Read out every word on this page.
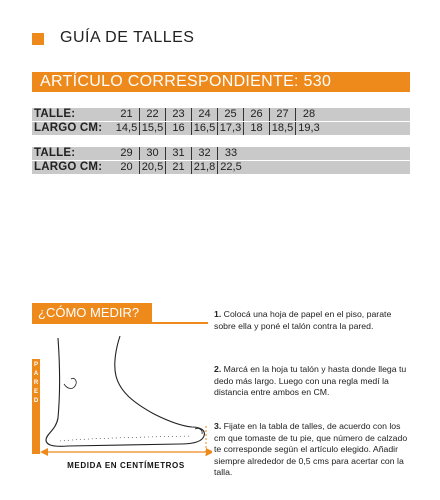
GUÍA DE TALLES
ARTÍCULO CORRESPONDIENTE: 530
TALLE:	21	22	23	24	25	26	27	28
LARGO CM: 14,5 15,5 16 16,5 17,3 18 18,5 19,3
TALLE:	29	30	31	32	33
LARGO CM:	20 20,5 21 21,8 22,5
¿CÓMO MEDIR?
P
A
R
E
D
MEDIDA EN CENTÍMETROS
1. Colocá una hoja de papel en el piso, parate sobre ella y poné el talón contra la pared.
2. Marcá en la hoja tu talón y hasta donde llega tu dedo más largo. Luego con una regla medí la distancia entre ambos en CM.
3. Fijate en la tabla de talles, de acuerdo con los cm que tomaste de tu pie, que número de calzado te corresponde según el artículo elegido. Añadir siempre alrededor de 0,5 cms para acertar con la talla.
